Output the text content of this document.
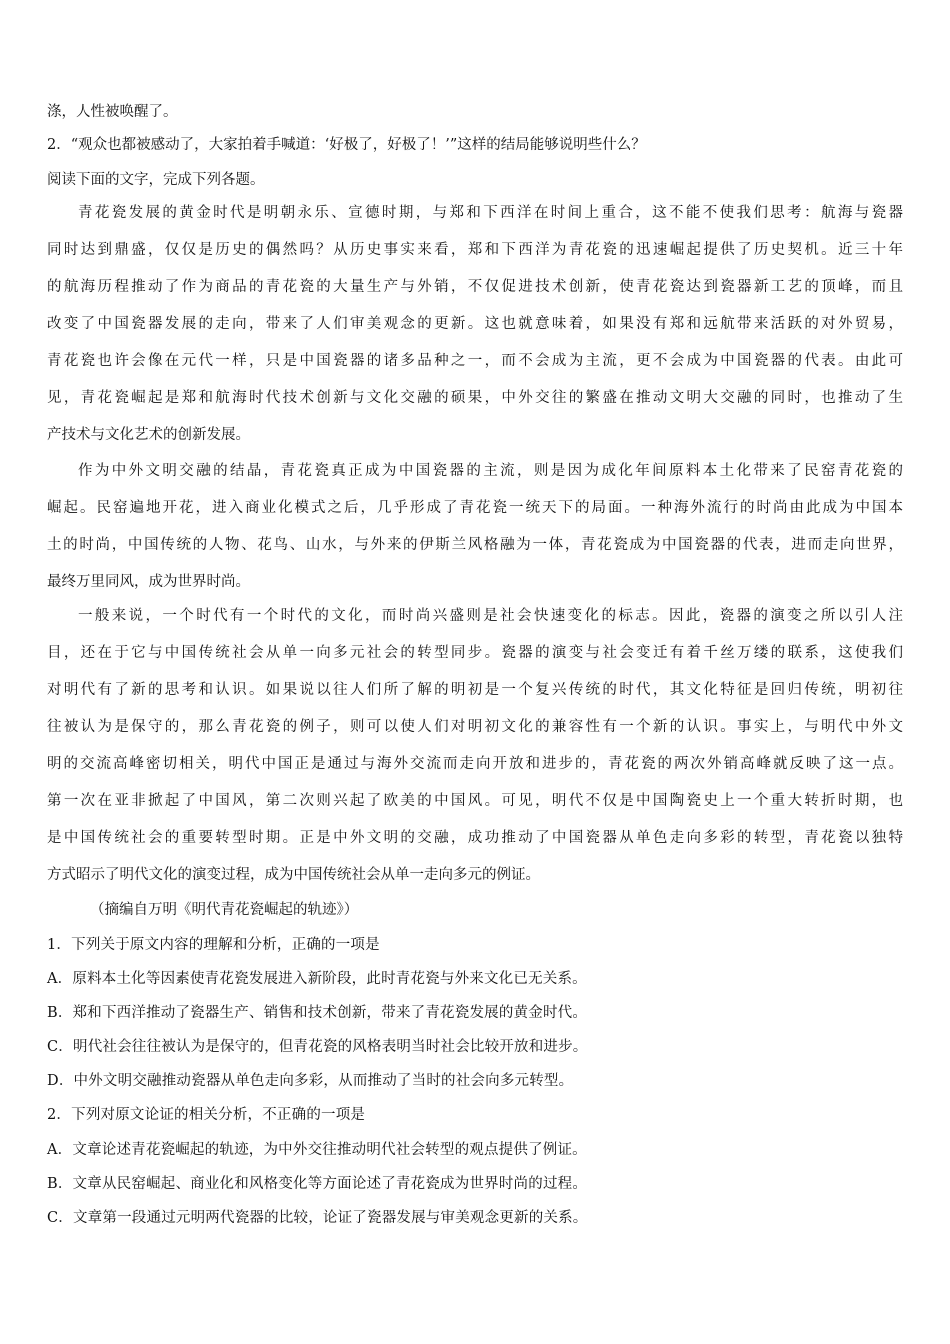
涤，人性被唤醒了。
2．“观众也都被感动了，大家拍着手喊道：‘好极了，好极了！’”这样的结局能够说明些什么？
阅读下面的文字，完成下列各题。
青花瓷发展的黄金时代是明朝永乐、宣德时期，与郑和下西洋在时间上重合，这不能不使我们思考：航海与瓷器
同时达到鼎盛，仅仅是历史的偶然吗？从历史事实来看，郑和下西洋为青花瓷的迅速崛起提供了历史契机。近三十年
的航海历程推动了作为商品的青花瓷的大量生产与外销，不仅促进技术创新，使青花瓷达到瓷器新工艺的顶峰，而且
改变了中国瓷器发展的走向，带来了人们审美观念的更新。这也就意味着，如果没有郑和远航带来活跃的对外贸易，
青花瓷也许会像在元代一样，只是中国瓷器的诸多品种之一，而不会成为主流，更不会成为中国瓷器的代表。由此可
见，青花瓷崛起是郑和航海时代技术创新与文化交融的硕果，中外交往的繁盛在推动文明大交融的同时，也推动了生
产技术与文化艺术的创新发展。
作为中外文明交融的结晶，青花瓷真正成为中国瓷器的主流，则是因为成化年间原料本土化带来了民窑青花瓷的
崛起。民窑遍地开花，进入商业化模式之后，几乎形成了青花瓷一统天下的局面。一种海外流行的时尚由此成为中国本
土的时尚，中国传统的人物、花鸟、山水，与外来的伊斯兰风格融为一体，青花瓷成为中国瓷器的代表，进而走向世界，
最终万里同风，成为世界时尚。
一般来说，一个时代有一个时代的文化，而时尚兴盛则是社会快速变化的标志。因此，瓷器的演变之所以引人注
目，还在于它与中国传统社会从单一向多元社会的转型同步。瓷器的演变与社会变迁有着千丝万缕的联系，这使我们
对明代有了新的思考和认识。如果说以往人们所了解的明初是一个复兴传统的时代，其文化特征是回归传统，明初往
往被认为是保守的，那么青花瓷的例子，则可以使人们对明初文化的兼容性有一个新的认识。事实上，与明代中外文
明的交流高峰密切相关，明代中国正是通过与海外交流而走向开放和进步的，青花瓷的两次外销高峰就反映了这一点。
第一次在亚非掀起了中国风，第二次则兴起了欧美的中国风。可见，明代不仅是中国陶瓷史上一个重大转折时期，也
是中国传统社会的重要转型时期。正是中外文明的交融，成功推动了中国瓷器从单色走向多彩的转型，青花瓷以独特
方式昭示了明代文化的演变过程，成为中国传统社会从单一走向多元的例证。
（摘编自万明《明代青花瓷崛起的轨迹》）
1．下列关于原文内容的理解和分析，正确的一项是
A．原料本土化等因素使青花瓷发展进入新阶段，此时青花瓷与外来文化已无关系。
B．郑和下西洋推动了瓷器生产、销售和技术创新，带来了青花瓷发展的黄金时代。
C．明代社会往往被认为是保守的，但青花瓷的风格表明当时社会比较开放和进步。
D．中外文明交融推动瓷器从单色走向多彩，从而推动了当时的社会向多元转型。
2．下列对原文论证的相关分析，不正确的一项是
A．文章论述青花瓷崛起的轨迹，为中外交往推动明代社会转型的观点提供了例证。
B．文章从民窑崛起、商业化和风格变化等方面论述了青花瓷成为世界时尚的过程。
C．文章第一段通过元明两代瓷器的比较，论证了瓷器发展与审美观念更新的关系。
